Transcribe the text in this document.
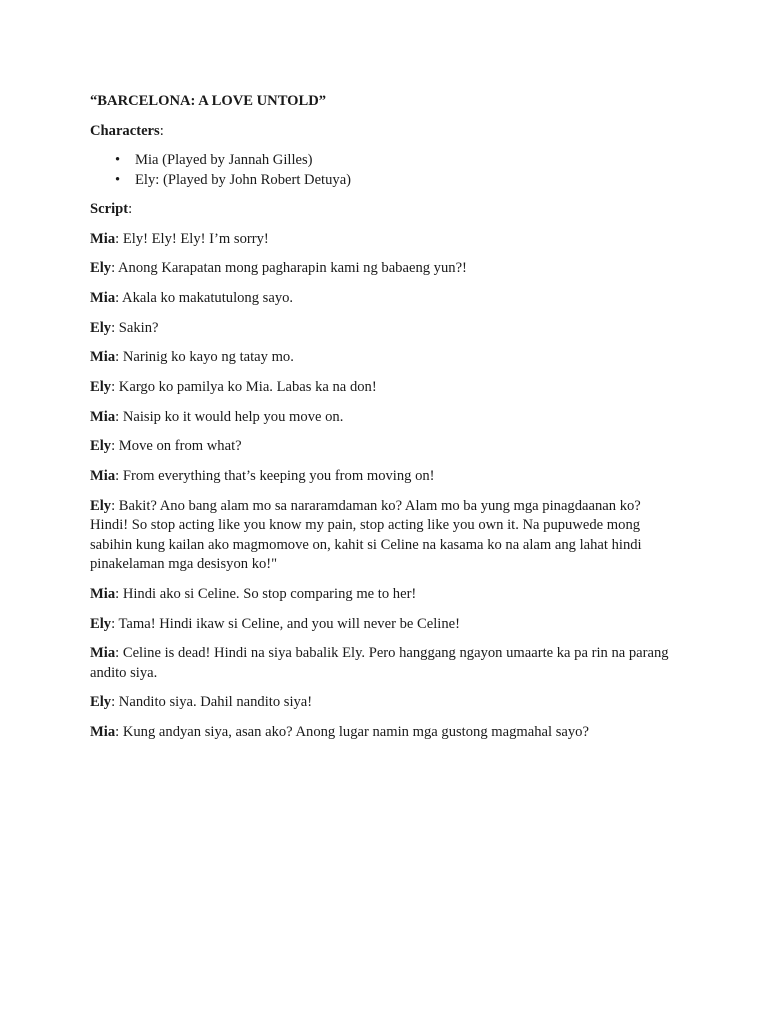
“BARCELONA: A LOVE UNTOLD”

Characters:

• Mia (Played by Jannah Gilles)
• Ely: (Played by John Robert Detuya)

Script:

Mia: Ely! Ely! Ely! I’m sorry!

Ely: Anong Karapatan mong pagharapin kami ng babaeng yun?!

Mia: Akala ko makatutulong sayo.

Ely: Sakin?

Mia: Narinig ko kayo ng tatay mo.

Ely: Kargo ko pamilya ko Mia. Labas ka na don!

Mia: Naisip ko it would help you move on.

Ely: Move on from what?

Mia: From everything that’s keeping you from moving on!

Ely: Bakit? Ano bang alam mo sa nararamdaman ko? Alam mo ba yung mga pinagdaanan ko? Hindi! So stop acting like you know my pain, stop acting like you own it. Na pupuwede mong sabihin kung kailan ako magmomove on, kahit si Celine na kasama ko na alam ang lahat hindi pinakelaman mga desisyon ko!"

Mia: Hindi ako si Celine. So stop comparing me to her!

Ely: Tama! Hindi ikaw si Celine, and you will never be Celine!

Mia: Celine is dead! Hindi na siya babalik Ely. Pero hanggang ngayon umaarte ka pa rin na parang andito siya.

Ely: Nandito siya. Dahil nandito siya!

Mia: Kung andyan siya, asan ako? Anong lugar namin mga gustong magmahal sayo?
